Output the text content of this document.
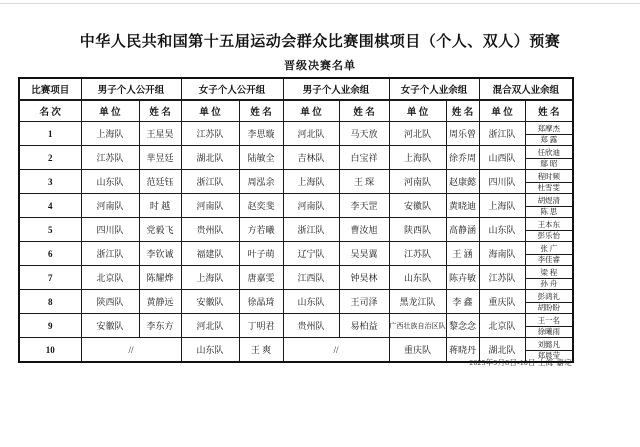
中华人民共和国第十五届运动会群众比赛围棋项目（个人、双人）预赛
晋级决赛名单
比赛项目	男子个人公开组		女子个人公开组		男子个人业余组		女子个人业余组		混合双人业余组	
名 次	单 位	姓 名	单 位	姓 名	单 位	姓 名	单 位	姓 名	单 位	姓 名
1	上海队	王星昊	江苏队	李思璇	河北队	马天放	河北队	周乐曾	浙江队	郑摩杰
郑 露

2	江苏队	芈昱廷	湖北队	陆敏全	吉林队	白宝祥	上海队	徐乔周	山西队	任欣迪
鄢 昭

3	山东队	范廷钰	浙江队	周泓余	上海队	王 琛	河南队	赵康懿	四川队	程时频
杜雪雯

4	河南队	时 越	河南队	赵奕斐	河南队	李天罡	安徽队	黄晓迪	上海队	胡煜清
陈 思

5	四川队	党毅飞	贵州队	方若曦	浙江队	曹汝旭	陕西队	高静涵	山东队	王本东
彭乐怡

6	浙江队	李钦诚	福建队	叶子萌	辽宁队	吴昊翼	江苏队	王 涵	海南队	张 广
李佳睿

7	北京队	陈耀烨	上海队	唐嘉雯	江西队	钟昊林	山东队	陈卉敏	江苏队	梁 程
孙 舟

8	陕西队	黄静远	安徽队	徐晶琦	山东队	王司泽	黑龙江队	李 鑫	重庆队	彭鸿礼
胡盼盼

9	安徽队	李东方	河北队	丁明君	贵州队	易柏益	广西壮族自治区队	黎念念	北京队	王一名
徐曦雨

10	//		山东队	王 爽	//		重庆队	蒋晓丹	湖北队	刘懿凡
郑晨莹
2025年9月8日-10日 上海·嘉定
